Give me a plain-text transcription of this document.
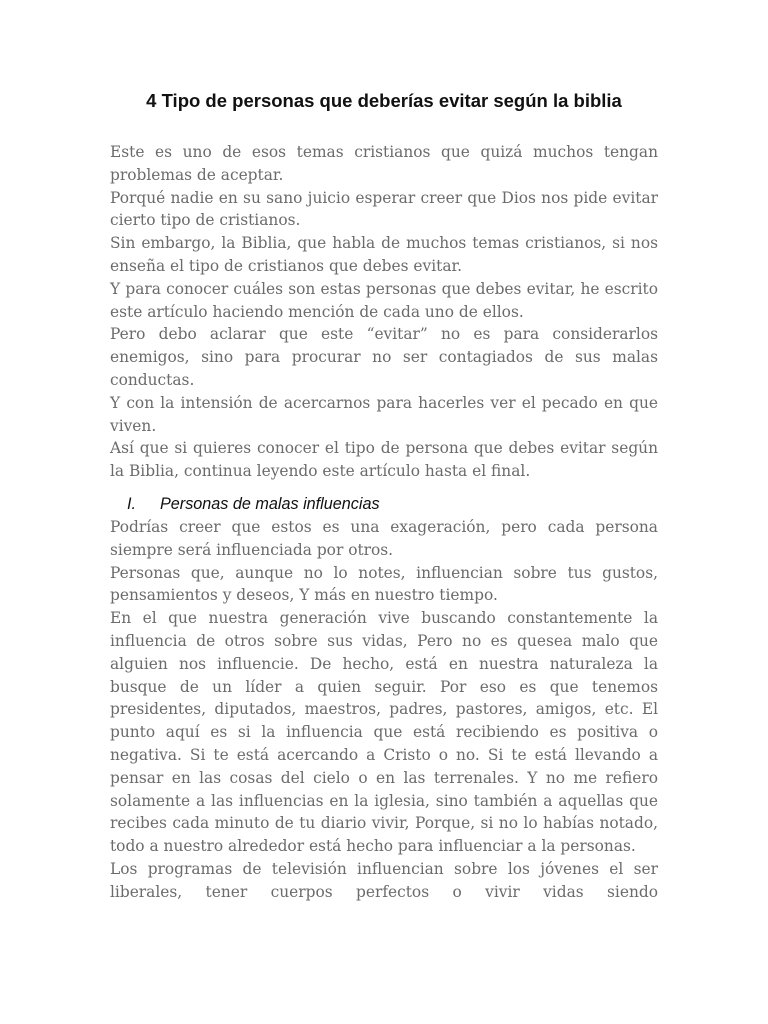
4 Tipo de personas que deberías evitar según la biblia

Este es uno de esos temas cristianos que quizá muchos tengan problemas de aceptar.

Porqué nadie en su sano juicio esperar creer que Dios nos pide evitar cierto tipo de cristianos.

Sin embargo, la Biblia, que habla de muchos temas cristianos, si nos enseña el tipo de cristianos que debes evitar.

Y para conocer cuáles son estas personas que debes evitar, he escrito este artículo haciendo mención de cada uno de ellos.

Pero debo aclarar que este “evitar” no es para considerarlos enemigos, sino para procurar no ser contagiados de sus malas conductas.

Y con la intensión de acercarnos para hacerles ver el pecado en que viven.

Así que si quieres conocer el tipo de persona que debes evitar según la Biblia, continua leyendo este artículo hasta el final.

I.	Personas de malas influencias

Podrías creer que estos es una exageración, pero cada persona siempre será influenciada por otros.

Personas que, aunque no lo notes, influencian sobre tus gustos, pensamientos y deseos, Y más en nuestro tiempo.

En el que nuestra generación vive buscando constantemente la influencia de otros sobre sus vidas, Pero no es quesea malo que alguien nos influencie. De hecho, está en nuestra naturaleza la busque de un líder a quien seguir. Por eso es que tenemos presidentes, diputados, maestros, padres, pastores, amigos, etc. El punto aquí es si la influencia que está recibiendo es positiva o negativa. Si te está acercando a Cristo o no. Si te está llevando a pensar en las cosas del cielo o en las terrenales. Y no me refiero solamente a las influencias en la iglesia, sino también a aquellas que recibes cada minuto de tu diario vivir, Porque, si no lo habías notado, todo a nuestro alrededor está hecho para influenciar a la personas.

Los programas de televisión influencian sobre los jóvenes el ser liberales, tener cuerpos perfectos o vivir vidas siendo
